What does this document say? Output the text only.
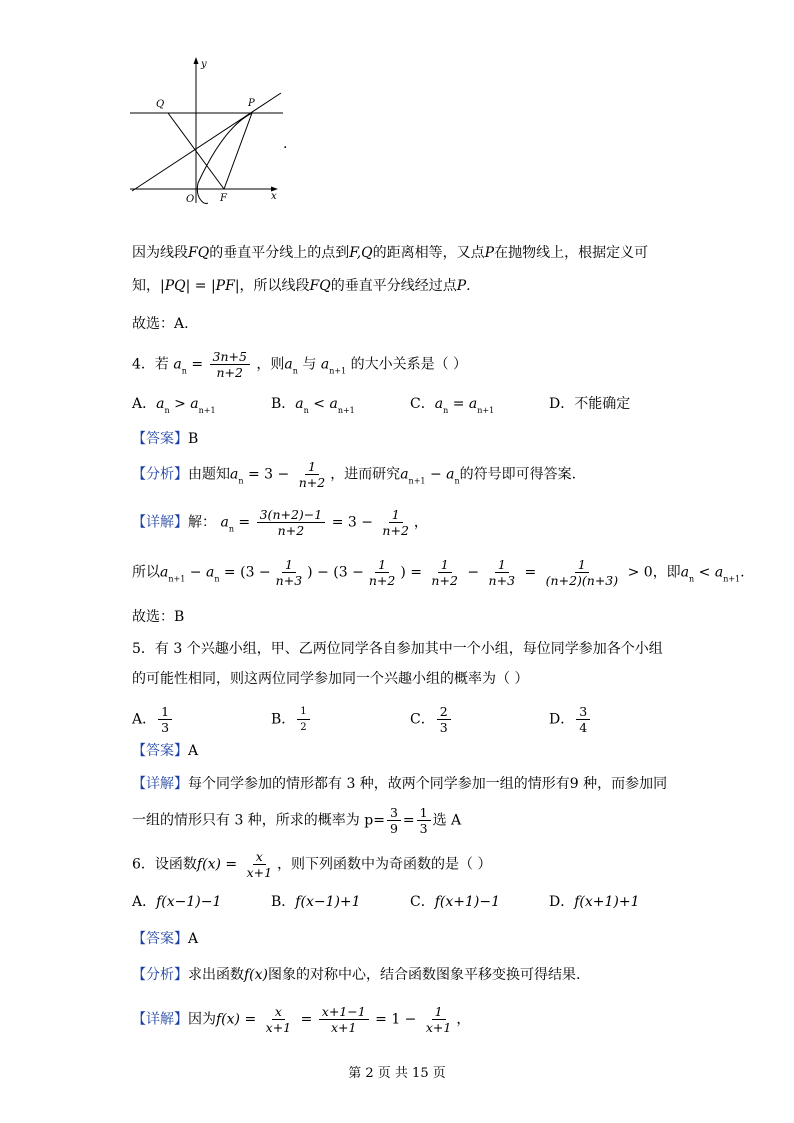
y
Q	P
O	F	x
.
因为线段FQ的垂直平分线上的点到F,Q的距离相等，又点P在抛物线上，根据定义可
知，|PQ| = |PF|，所以线段FQ的垂直平分线经过点P.
故选：A.
4．若 $a_n = \frac{3n+5}{n+2}$ ，则$a_n$ 与 $a_{n+1}$ 的大小关系是（ ）
A．$a_n > a_{n+1}$	B．$a_n < a_{n+1}$	C．$a_n = a_{n+1}$	D．不能确定
【答案】B
【分析】由题知$a_n = 3 - \frac{1}{n+2}$ ，进而研究$a_{n+1} - a_n$的符号即可得答案.
【详解】解： $a_n = \frac{3(n+2)-1}{n+2} = 3 - \frac{1}{n+2}$ ，
所以$a_{n+1} - a_n = (3 - \frac{1}{n+3}$ ) − ($3 - \frac{1}{n+2}$ ) = $\frac{1}{n+2} - \frac{1}{n+3} = \frac{1}{(n+2)(n+3)} > 0$，即$a_n < a_{n+1}$.
故选：B
5．有 3 个兴趣小组，甲、乙两位同学各自参加其中一个小组，每位同学参加各个小组
的可能性相同，则这两位同学参加同一个兴趣小组的概率为（ ）
A． $\frac{1}{3}$	B． $\frac{1}{2}$	C． $\frac{2}{3}$	D． $\frac{3}{4}$
【答案】A
【详解】每个同学参加的情形都有 3 种，故两个同学参加一组的情形有9 种，而参加同
一组的情形只有 3 种，所求的概率为 $p= \frac{3}{9} = \frac{1}{3}$ 选 A
6．设函数$f(x) = \frac{x}{x+1}$ ，则下列函数中为奇函数的是（ ）
A．f(x−1)−1	B．f(x−1)+1	C．f(x+1)−1	D．f(x+1)+1
【答案】A
【分析】求出函数f(x)图象的对称中心，结合函数图象平移变换可得结果.
【详解】因为$f(x) = \frac{x}{x+1} = \frac{x+1-1}{x+1} = 1 - \frac{1}{x+1}$ ，
第 2 页 共 15 页
